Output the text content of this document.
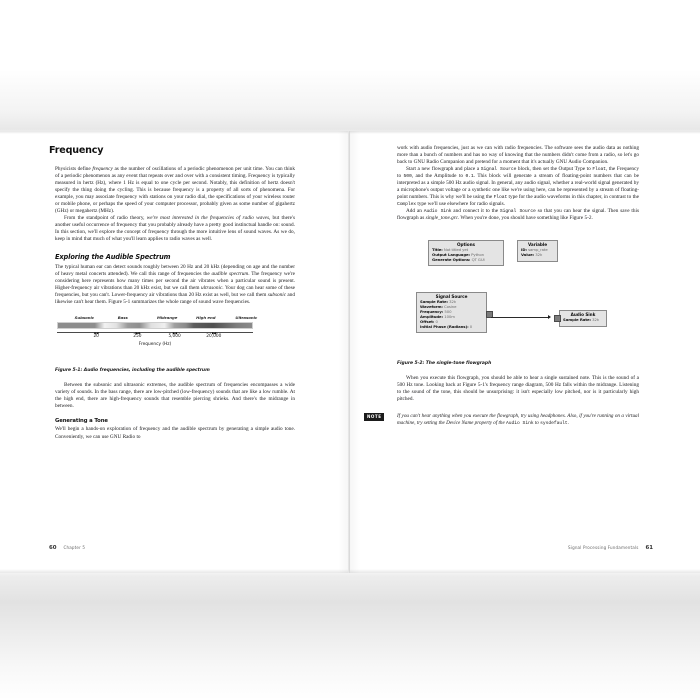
Frequency

Physicists define frequency as the number of oscillations of a periodic phenomenon per unit time. You can think of a periodic phenomenon as any event that repeats over and over with a consistent timing. Frequency is typically measured in hertz (Hz), where 1 Hz is equal to one cycle per second. Notably, this definition of hertz doesn't specify the thing doing the cycling. This is because frequency is a property of all sorts of phenomena. For example, you may associate frequency with stations on your radio dial, the specifications of your wireless router or mobile phone, or perhaps the speed of your computer processor, probably given as some number of gigahertz (GHz) or megahertz (MHz).

From the standpoint of radio theory, we're most interested in the frequencies of radio waves, but there's another useful occurrence of frequency that you probably already have a pretty good instinctual handle on: sound. In this section, we'll explore the concept of frequency through the more intuitive lens of sound waves. As we do, keep in mind that much of what you'll learn applies to radio waves as well.

Exploring the Audible Spectrum

The typical human ear can detect sounds roughly between 20 Hz and 20 kHz (depending on age and the number of heavy metal concerts attended). We call this range of frequencies the audible spectrum. The frequency we're considering here represents how many times per second the air vibrates when a particular sound is present. Higher-frequency air vibrations than 20 kHz exist, but we call them ultrasonic. Your dog can hear some of these frequencies, but you can't. Lower-frequency air vibrations than 20 Hz exist as well, but we call them subsonic and likewise can't hear them. Figure 5-1 summarizes the whole range of sound wave frequencies.

Subsonic	Bass	Midrange	High end	Ultrasonic
▶◀
▶◀
▶◀
▶◀
20	250	5,000	20,000
Frequency (Hz)
Figure 5-1: Audio frequencies, including the audible spectrum

Between the subsonic and ultrasonic extremes, the audible spectrum of frequencies encompasses a wide variety of sounds. In the bass range, there are low-pitched (low-frequency) sounds that are like a low rumble. At the high end, there are high-frequency sounds that resemble piercing shrieks. And there's the midrange in between.

Generating a Tone

We'll begin a hands-on exploration of frequency and the audible spectrum by generating a simple audio tone. Conveniently, we can use GNU Radio to

60 Chapter 5

work with audio frequencies, just as we can with radio frequencies. The software sees the audio data as nothing more than a bunch of numbers and has no way of knowing that the numbers didn't come from a radio, so let's go back to GNU Radio Companion and pretend for a moment that it's actually GNU Audio Companion.

Start a new flowgraph and place a Signal Source block, then set the Output Type to Float, the Frequency to 500, and the Amplitude to 0.1. This block will generate a stream of floating-point numbers that can be interpreted as a simple 500 Hz audio signal. In general, any audio signal, whether a real-world signal generated by a microphone's output voltage or a synthetic one like we're using here, can be represented by a stream of floating-point numbers. This is why we'll be using the Float type for the audio waveforms in this chapter, in contrast to the Complex type we'll use elsewhere for radio signals.

Add an Audio Sink and connect it to the Signal Source so that you can hear the signal. Then save this flowgraph as single_tone.grc. When you're done, you should have something like Figure 5-2.

Options
Title: Not titled yet
Output Language: Python
Generate Options: QT GUI
Variable
ID: samp_rate
Value: 32k
Signal Source
Sample Rate: 32k
Waveform: Cosine
Frequency: 500
Amplitude: 100m
Offset: 0
Initial Phase (Radians): 0
Audio Sink
Sample Rate: 32k
Figure 5-2: The single-tone flowgraph

When you execute this flowgraph, you should be able to hear a single sustained note. This is the sound of a 500 Hz tone. Looking back at Figure 5-1's frequency range diagram, 500 Hz falls within the midrange. Listening to the sound of the tone, this should be unsurprising: it isn't especially low pitched, nor is it particularly high pitched.

NOTE	If you can't hear anything when you execute the flowgraph, try using headphones. Also, if you're running on a virtual machine, try setting the Device Name property of the Audio Sink to sysdefault.
Signal Processing Fundamentals 61
